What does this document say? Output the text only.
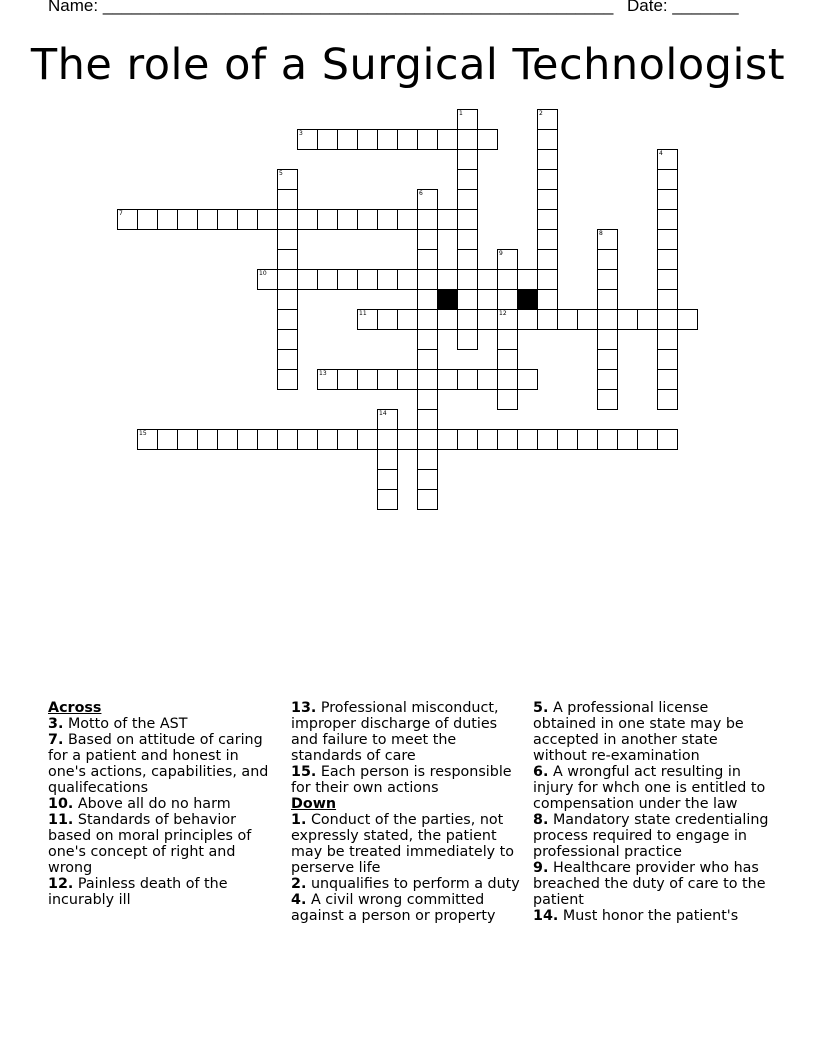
Name: ______________________________________________________ Date: _______
The role of a Surgical Technologist
1	2
3
4
5
6
7
8
9
12
10
11
13
14
15
Across
3. Motto of the AST
7. Based on attitude of caring for a patient and honest in one's actions, capabilities, and qualifecations
10. Above all do no harm
11. Standards of behavior based on moral principles of one's concept of right and wrong
12. Painless death of the incurably ill
13. Professional misconduct, improper discharge of duties and failure to meet the standards of care
15. Each person is responsible for their own actions
Down
1. Conduct of the parties, not expressly stated, the patient may be treated immediately to perserve life
2. unqualifies to perform a duty
4. A civil wrong committed against a person or property
5. A professional license obtained in one state may be accepted in another state without re-examination
6. A wrongful act resulting in injury for whch one is entitled to compensation under the law
8. Mandatory state credentialing process required to engage in professional practice
9. Healthcare provider who has breached the duty of care to the patient
14. Must honor the patient's
